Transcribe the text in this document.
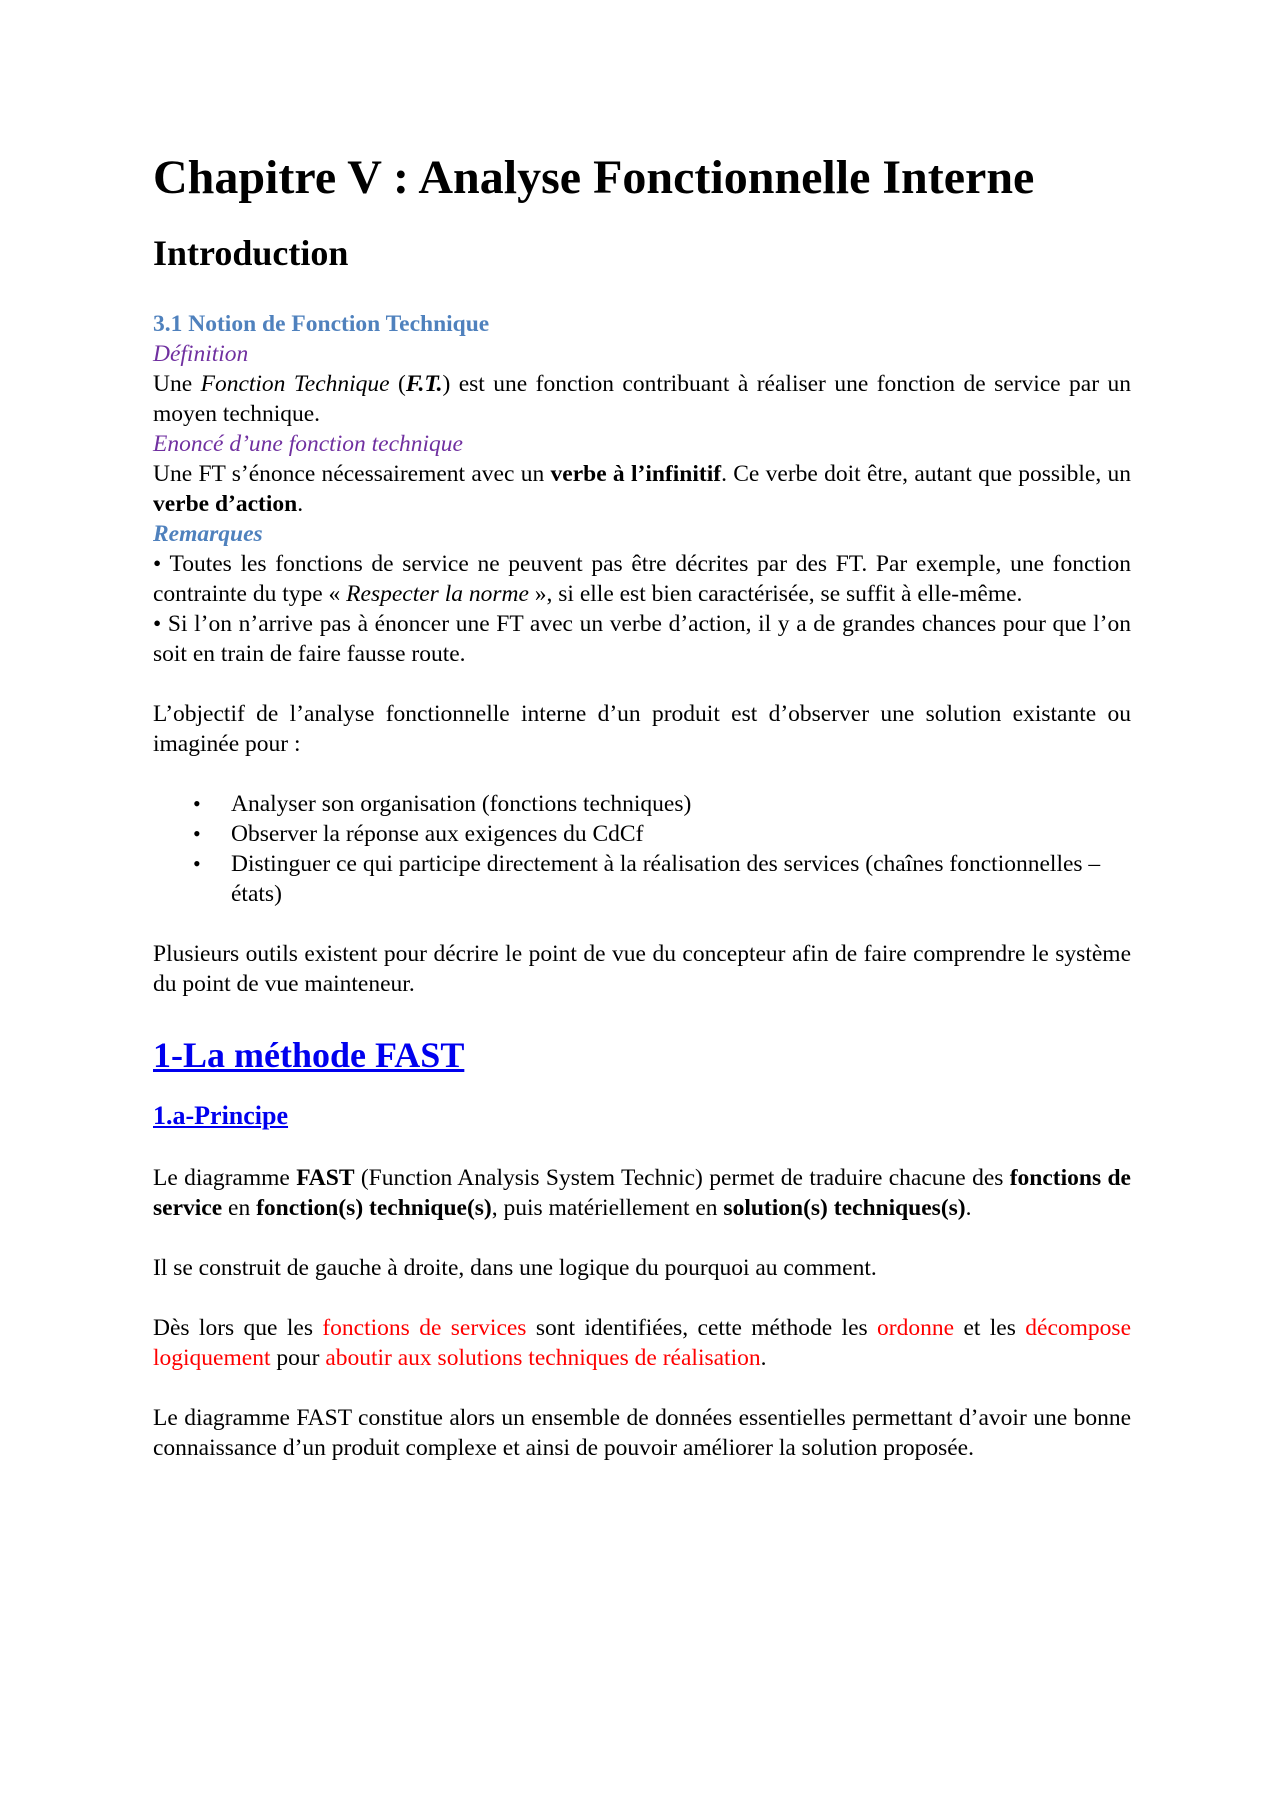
Chapitre V : Analyse Fonctionnelle Interne
Introduction
3.1 Notion de Fonction Technique
Définition

Une Fonction Technique (F.T.) est une fonction contribuant à réaliser une fonction de service par un moyen technique.

Enoncé d’une fonction technique

Une FT s’énonce nécessairement avec un verbe à l’infinitif. Ce verbe doit être, autant que possible, un verbe d’action.

Remarques

• Toutes les fonctions de service ne peuvent pas être décrites par des FT. Par exemple, une fonction contrainte du type « Respecter la norme », si elle est bien caractérisée, se suffit à elle-même.

• Si l’on n’arrive pas à énoncer une FT avec un verbe d’action, il y a de grandes chances pour que l’on soit en train de faire fausse route.

L’objectif de l’analyse fonctionnelle interne d’un produit est d’observer une solution existante ou imaginée pour :

• Analyser son organisation (fonctions techniques)
• Observer la réponse aux exigences du CdCf
• Distinguer ce qui participe directement à la réalisation des services (chaînes fonctionnelles –états)

Plusieurs outils existent pour décrire le point de vue du concepteur afin de faire comprendre le système du point de vue mainteneur.

1-La méthode FAST
1.a-Principe

Le diagramme FAST (Function Analysis System Technic) permet de traduire chacune des fonctions de service en fonction(s) technique(s), puis matériellement en solution(s) techniques(s).

Il se construit de gauche à droite, dans une logique du pourquoi au comment.

Dès lors que les fonctions de services sont identifiées, cette méthode les ordonne et les décompose logiquement pour aboutir aux solutions techniques de réalisation.

Le diagramme FAST constitue alors un ensemble de données essentielles permettant d’avoir une bonne connaissance d’un produit complexe et ainsi de pouvoir améliorer la solution proposée.
